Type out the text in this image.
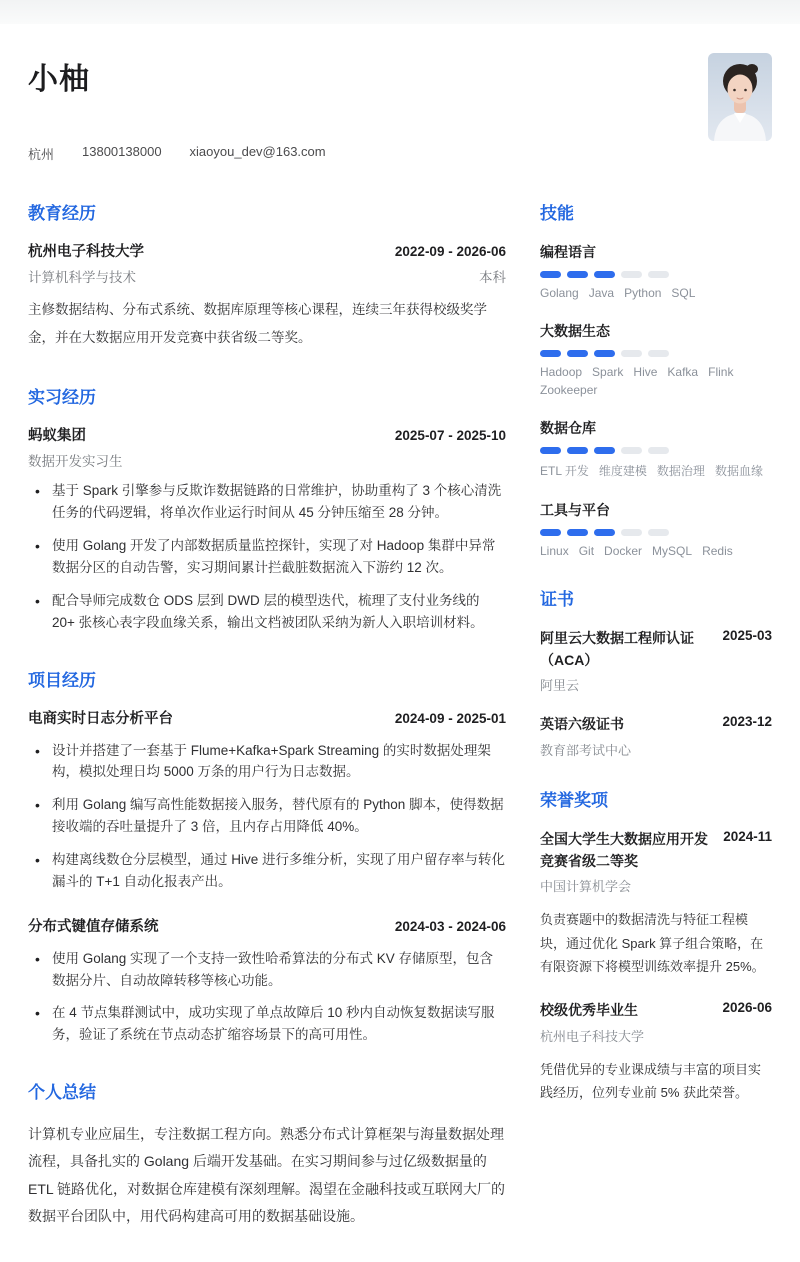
小柚
杭州 13800138000 xiaoyou_dev@163.com
教育经历
杭州电子科技大学	2022-09 - 2026-06
计算机科学与技术	本科
主修数据结构、分布式系统、数据库原理等核心课程，连续三年获得校级奖学金，并在大数据应用开发竞赛中获省级二等奖。
实习经历
蚂蚁集团	2025-07 - 2025-10
数据开发实习生
• 基于 Spark 引擎参与反欺诈数据链路的日常维护，协助重构了 3 个核心清洗任务的代码逻辑，将单次作业运行时间从 45 分钟压缩至 28 分钟。
• 使用 Golang 开发了内部数据质量监控探针，实现了对 Hadoop 集群中异常数据分区的自动告警，实习期间累计拦截脏数据流入下游约 12 次。
• 配合导师完成数仓 ODS 层到 DWD 层的模型迭代，梳理了支付业务线的 20+ 张核心表字段血缘关系，输出文档被团队采纳为新人入职培训材料。
项目经历
电商实时日志分析平台	2024-09 - 2025-01
• 设计并搭建了一套基于 Flume+Kafka+Spark Streaming 的实时数据处理架构，模拟处理日均 5000 万条的用户行为日志数据。
• 利用 Golang 编写高性能数据接入服务，替代原有的 Python 脚本，使得数据接收端的吞吐量提升了 3 倍，且内存占用降低 40%。
• 构建离线数仓分层模型，通过 Hive 进行多维分析，实现了用户留存率与转化漏斗的 T+1 自动化报表产出。
分布式键值存储系统	2024-03 - 2024-06
• 使用 Golang 实现了一个支持一致性哈希算法的分布式 KV 存储原型，包含数据分片、自动故障转移等核心功能。
• 在 4 节点集群测试中，成功实现了单点故障后 10 秒内自动恢复数据读写服务，验证了系统在节点动态扩缩容场景下的高可用性。
个人总结
计算机专业应届生，专注数据工程方向。熟悉分布式计算框架与海量数据处理流程，具备扎实的 Golang 后端开发基础。在实习期间参与过亿级数据量的 ETL 链路优化，对数据仓库建模有深刻理解。渴望在金融科技或互联网大厂的数据平台团队中，用代码构建高可用的数据基础设施。
技能
编程语言
Golang Java Python SQL
大数据生态
Hadoop Spark Hive Kafka Flink
Zookeeper
数据仓库
ETL 开发 维度建模 数据治理 数据血缘
工具与平台
Linux Git Docker MySQL Redis
证书
阿里云大数据工程师认证（ACA）
2025-03
阿里云
英语六级证书	2023-12
教育部考试中心
荣誉奖项
全国大学生大数据应用开发竞赛省级二等奖
2024-11
中国计算机学会
负责赛题中的数据清洗与特征工程模块，通过优化 Spark 算子组合策略，在有限资源下将模型训练效率提升 25%。
校级优秀毕业生	2026-06
杭州电子科技大学
凭借优异的专业课成绩与丰富的项目实践经历，位列专业前 5% 获此荣誉。
